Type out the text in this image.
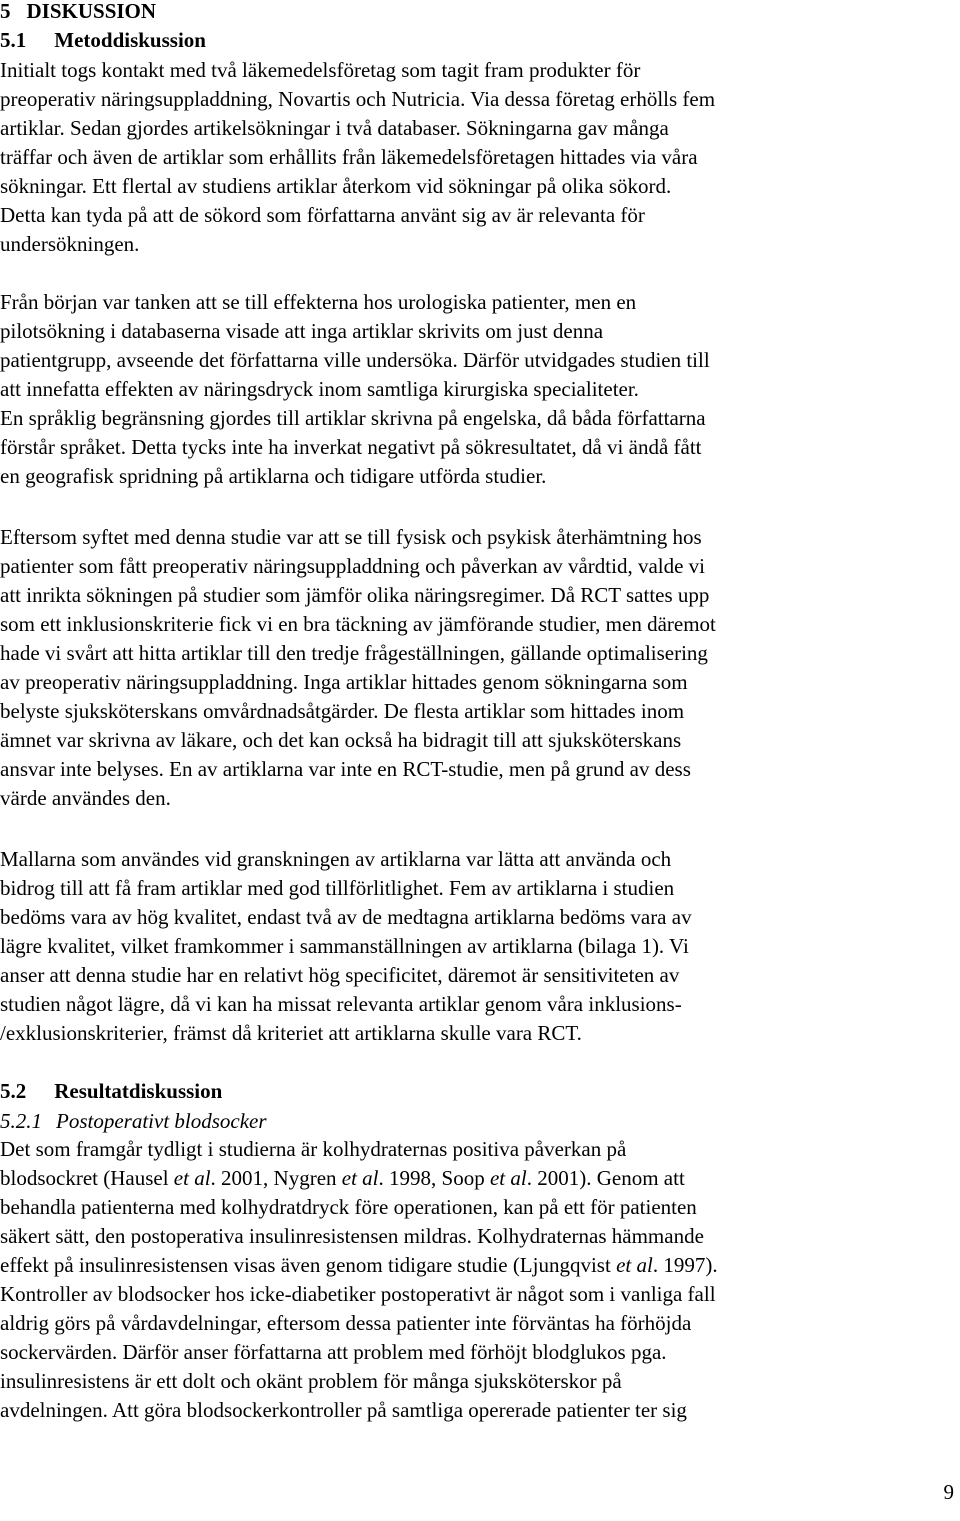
5 DISKUSSION
5.1 Metoddiskussion
Initialt togs kontakt med två läkemedelsföretag som tagit fram produkter för
preoperativ näringsuppladdning, Novartis och Nutricia. Via dessa företag erhölls fem
artiklar. Sedan gjordes artikelsökningar i två databaser. Sökningarna gav många
träffar och även de artiklar som erhållits från läkemedelsföretagen hittades via våra
sökningar. Ett flertal av studiens artiklar återkom vid sökningar på olika sökord.
Detta kan tyda på att de sökord som författarna använt sig av är relevanta för
undersökningen.
Från början var tanken att se till effekterna hos urologiska patienter, men en
pilotsökning i databaserna visade att inga artiklar skrivits om just denna
patientgrupp, avseende det författarna ville undersöka. Därför utvidgades studien till
att innefatta effekten av näringsdryck inom samtliga kirurgiska specialiteter.
En språklig begränsning gjordes till artiklar skrivna på engelska, då båda författarna
förstår språket. Detta tycks inte ha inverkat negativt på sökresultatet, då vi ändå fått
en geografisk spridning på artiklarna och tidigare utförda studier.
Eftersom syftet med denna studie var att se till fysisk och psykisk återhämtning hos
patienter som fått preoperativ näringsuppladdning och påverkan av vårdtid, valde vi
att inrikta sökningen på studier som jämför olika näringsregimer. Då RCT sattes upp
som ett inklusionskriterie fick vi en bra täckning av jämförande studier, men däremot
hade vi svårt att hitta artiklar till den tredje frågeställningen, gällande optimalisering
av preoperativ näringsuppladdning. Inga artiklar hittades genom sökningarna som
belyste sjuksköterskans omvårdnadsåtgärder. De flesta artiklar som hittades inom
ämnet var skrivna av läkare, och det kan också ha bidragit till att sjuksköterskans
ansvar inte belyses. En av artiklarna var inte en RCT-studie, men på grund av dess
värde användes den.
Mallarna som användes vid granskningen av artiklarna var lätta att använda och
bidrog till att få fram artiklar med god tillförlitlighet. Fem av artiklarna i studien
bedöms vara av hög kvalitet, endast två av de medtagna artiklarna bedöms vara av
lägre kvalitet, vilket framkommer i sammanställningen av artiklarna (bilaga 1). Vi
anser att denna studie har en relativt hög specificitet, däremot är sensitiviteten av
studien något lägre, då vi kan ha missat relevanta artiklar genom våra inklusions-
/exklusionskriterier, främst då kriteriet att artiklarna skulle vara RCT.
5.2 Resultatdiskussion
5.2.1 Postoperativt blodsocker
Det som framgår tydligt i studierna är kolhydraternas positiva påverkan på
blodsockret (Hausel et al. 2001, Nygren et al. 1998, Soop et al. 2001). Genom att
behandla patienterna med kolhydratdryck före operationen, kan på ett för patienten
säkert sätt, den postoperativa insulinresistensen mildras. Kolhydraternas hämmande
effekt på insulinresistensen visas även genom tidigare studie (Ljungqvist et al. 1997).
Kontroller av blodsocker hos icke-diabetiker postoperativt är något som i vanliga fall
aldrig görs på vårdavdelningar, eftersom dessa patienter inte förväntas ha förhöjda
sockervärden. Därför anser författarna att problem med förhöjt blodglukos pga.
insulinresistens är ett dolt och okänt problem för många sjuksköterskor på
avdelningen. Att göra blodsockerkontroller på samtliga opererade patienter ter sig
9
